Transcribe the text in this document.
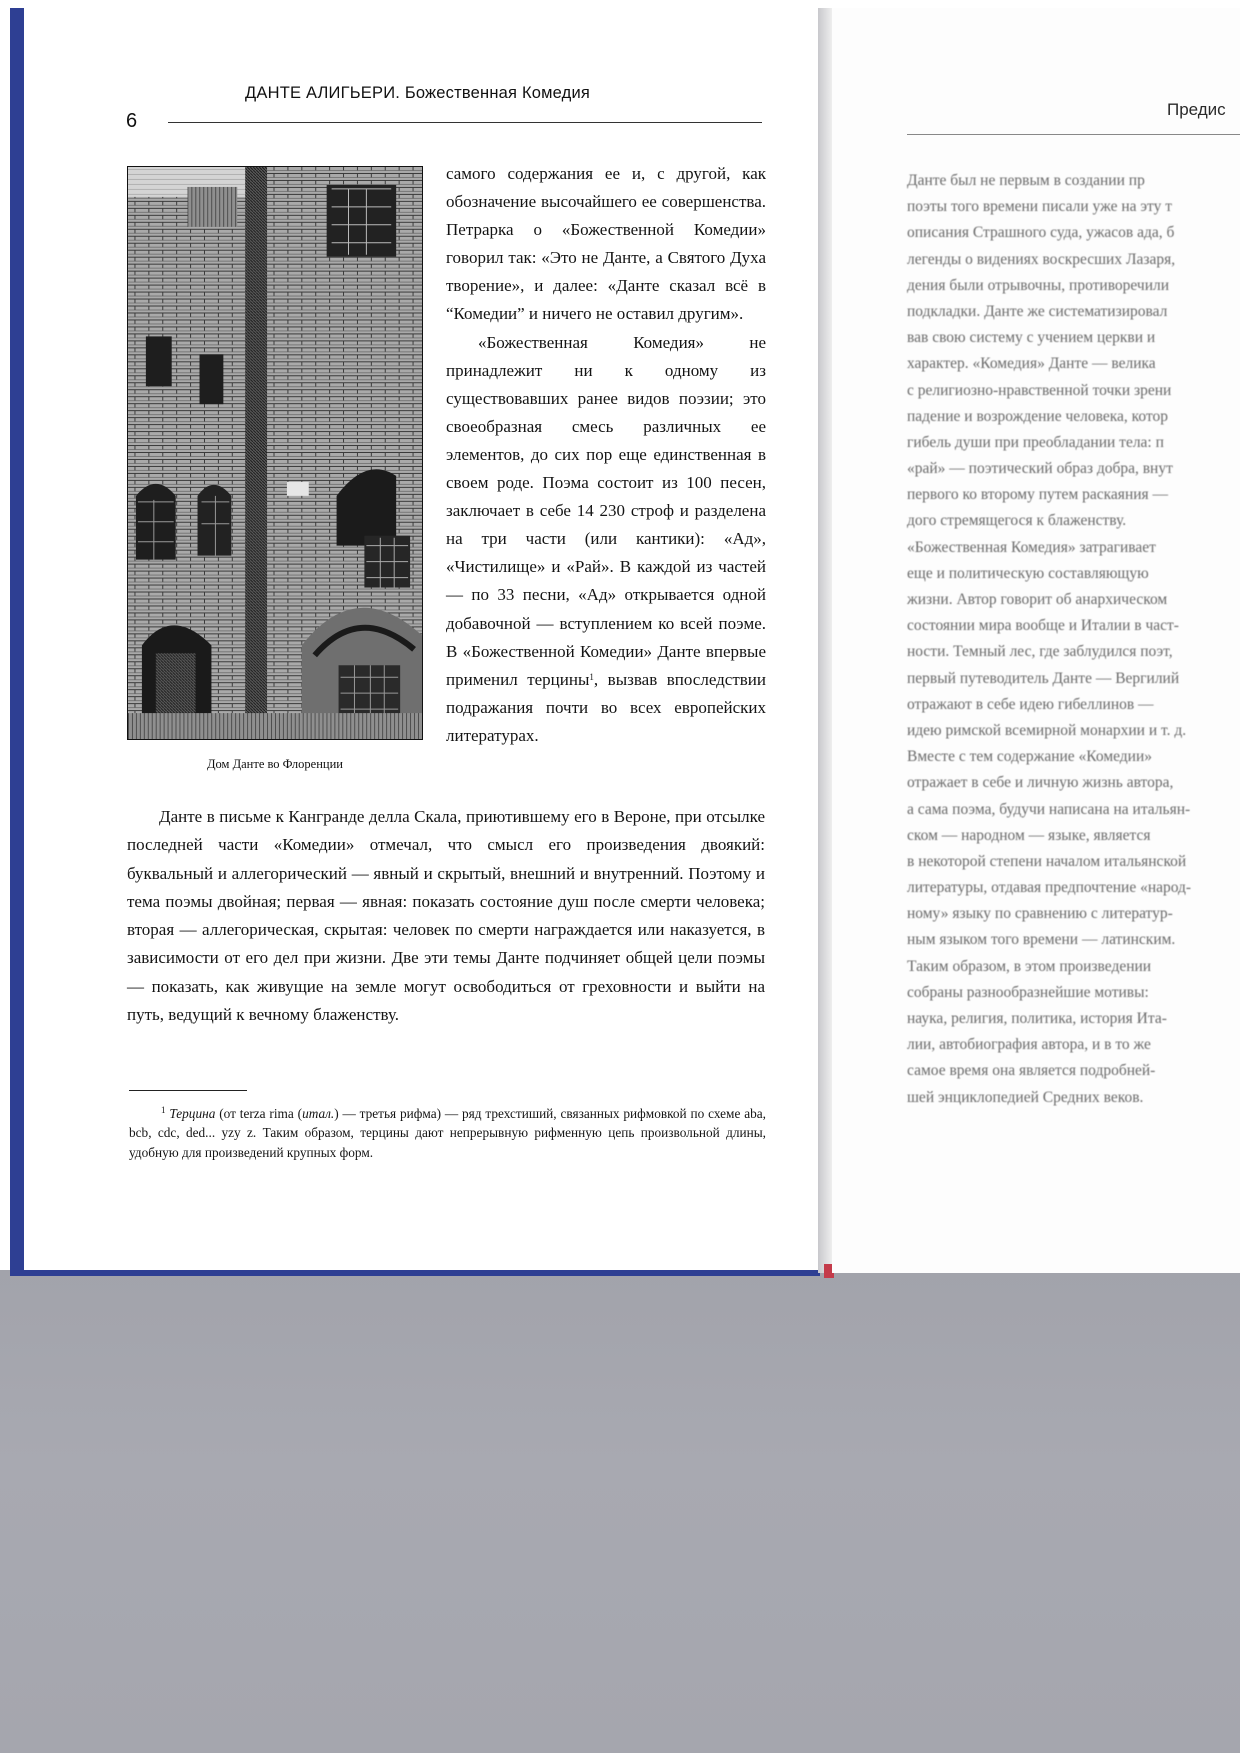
ДАНТЕ АЛИГЬЕРИ. Божественная Комедия
6
Дом Данте во Флоренции

самого содержания ее и, с другой, как обозначение высочайшего ее совершенства. Петрарка о «Божественной Комедии» говорил так: «Это не Данте, а Святого Духа творение», и далее: «Данте сказал всё в “Комедии” и ничего не оставил другим».

«Божественная Комедия» не принадлежит ни к одному из существовавших ранее видов поэзии; это своеобразная смесь различных ее элементов, до сих пор еще единственная в своем роде. Поэма состоит из 100 песен, заключает в себе 14 230 строф и разделена на три части (или кантики): «Ад», «Чистилище» и «Рай». В каждой из частей — по 33 песни, «Ад» открывается одной добавочной — вступлением ко всей поэме. В «Божественной Комедии» Данте впервые применил терцины$^1$, вызвав впоследствии подражания почти во всех европейских литературах.

Данте в письме к Кангранде делла Скала, приютившему его в Вероне, при отсылке последней части «Комедии» отмечал, что смысл его произведения двоякий: буквальный и аллегорический — явный и скрытый, внешний и внутренний. Поэтому и тема поэмы двойная; первая — явная: показать состояние душ после смерти человека; вторая — аллегорическая, скрытая: человек по смерти награждается или наказуется, в зависимости от его дел при жизни. Две эти темы Данте подчиняет общей цели поэмы — показать, как живущие на земле могут освободиться от греховности и выйти на путь, ведущий к вечному блаженству.

$^1$ Терцина (от terza rima (итал.) — третья рифма) — ряд трехстиший, связанных рифмовкой по схеме aba, bcb, cdc, ded... yzy z. Таким образом, терцины дают непрерывную рифменную цепь произвольной длины, удобную для произведений крупных форм.
Предис
Данте был не первым в создании пр
поэты того времени писали уже на эту т
описания Страшного суда, ужасов ада, б
легенды о видениях воскресших Лазаря,
дения были отрывочны, противоречили
подкладки. Данте же систематизировал
вав свою систему с учением церкви и
характер. «Комедия» Данте — велика
с религиозно-нравственной точки зрени
падение и возрождение человека, котор
гибель души при преобладании тела: п
«рай» — поэтический образ добра, внут
первого ко второму путем раскаяния —
дого стремящегося к блаженству.
«Божественная Комедия» затрагивает
еще и политическую составляющую
жизни. Автор говорит об анархическом
состоянии мира вообще и Италии в част-
ности. Темный лес, где заблудился поэт,
первый путеводитель Данте — Вергилий
отражают в себе идею гибеллинов —
идею римской всемирной монархии и т. д.
Вместе с тем содержание «Комедии»
отражает в себе и личную жизнь автора,
а сама поэма, будучи написана на итальян-
ском — народном — языке, является
в некоторой степени началом итальянской
литературы, отдавая предпочтение «народ-
ному» языку по сравнению с литератур-
ным языком того времени — латинским.
Таким образом, в этом произведении
собраны разнообразнейшие мотивы:
наука, религия, политика, история Ита-
лии, автобиография автора, и в то же
самое время она является подробней-
шей энциклопедией Средних веков.
